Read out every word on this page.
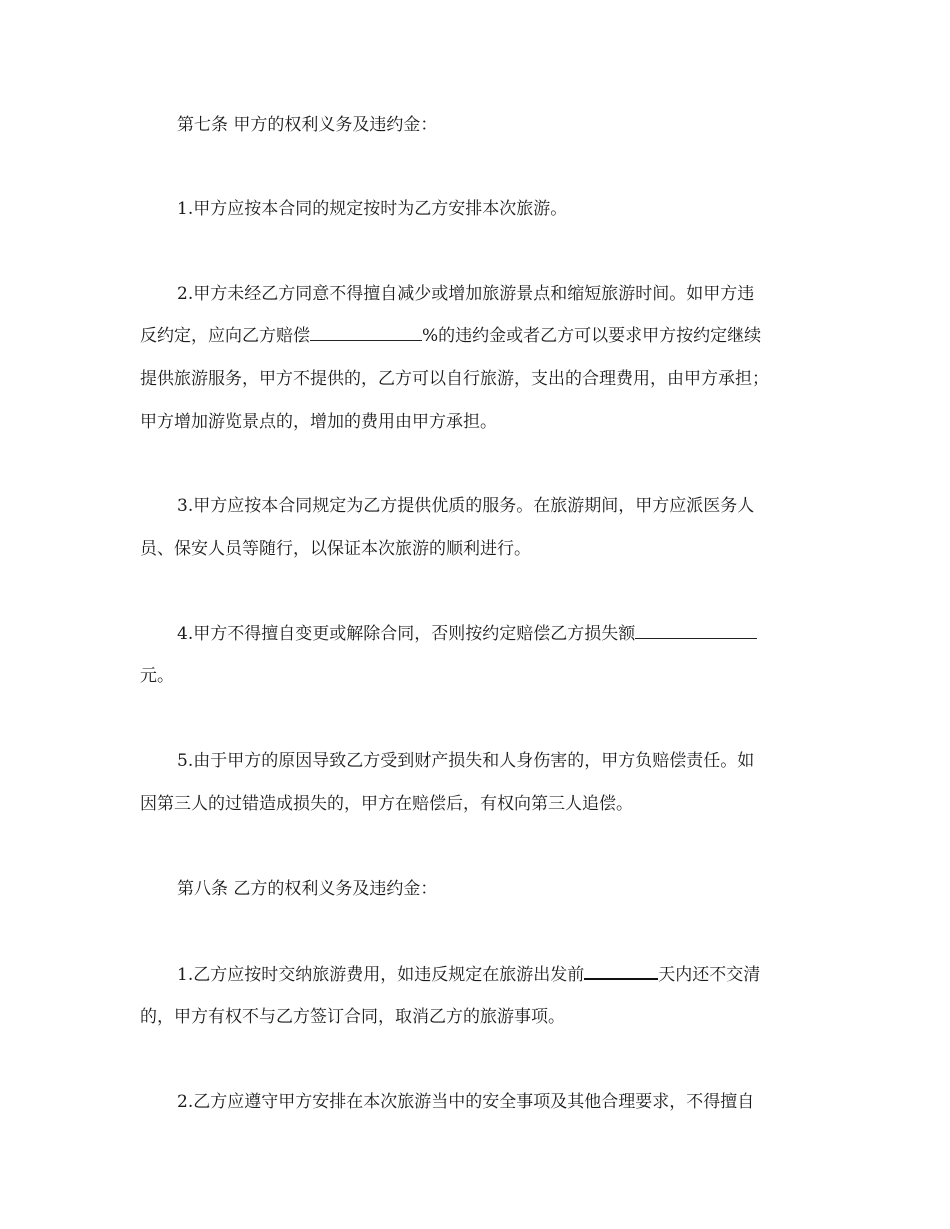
第七条 甲方的权利义务及违约金：
1.甲方应按本合同的规定按时为乙方安排本次旅游。
2.甲方未经乙方同意不得擅自减少或增加旅游景点和缩短旅游时间。如甲方违
反约定，应向乙方赔偿	%的违约金或者乙方可以要求甲方按约定继续
提供旅游服务，甲方不提供的，乙方可以自行旅游，支出的合理费用，由甲方承担；
甲方增加游览景点的，增加的费用由甲方承担。
3.甲方应按本合同规定为乙方提供优质的服务。在旅游期间，甲方应派医务人
员、保安人员等随行，以保证本次旅游的顺利进行。
4.甲方不得擅自变更或解除合同，否则按约定赔偿乙方损失额
元。
5.由于甲方的原因导致乙方受到财产损失和人身伤害的，甲方负赔偿责任。如
因第三人的过错造成损失的，甲方在赔偿后，有权向第三人追偿。
第八条 乙方的权利义务及违约金：
1.乙方应按时交纳旅游费用，如违反规定在旅游出发前	天内还不交清
的，甲方有权不与乙方签订合同，取消乙方的旅游事项。
2.乙方应遵守甲方安排在本次旅游当中的安全事项及其他合理要求，不得擅自
